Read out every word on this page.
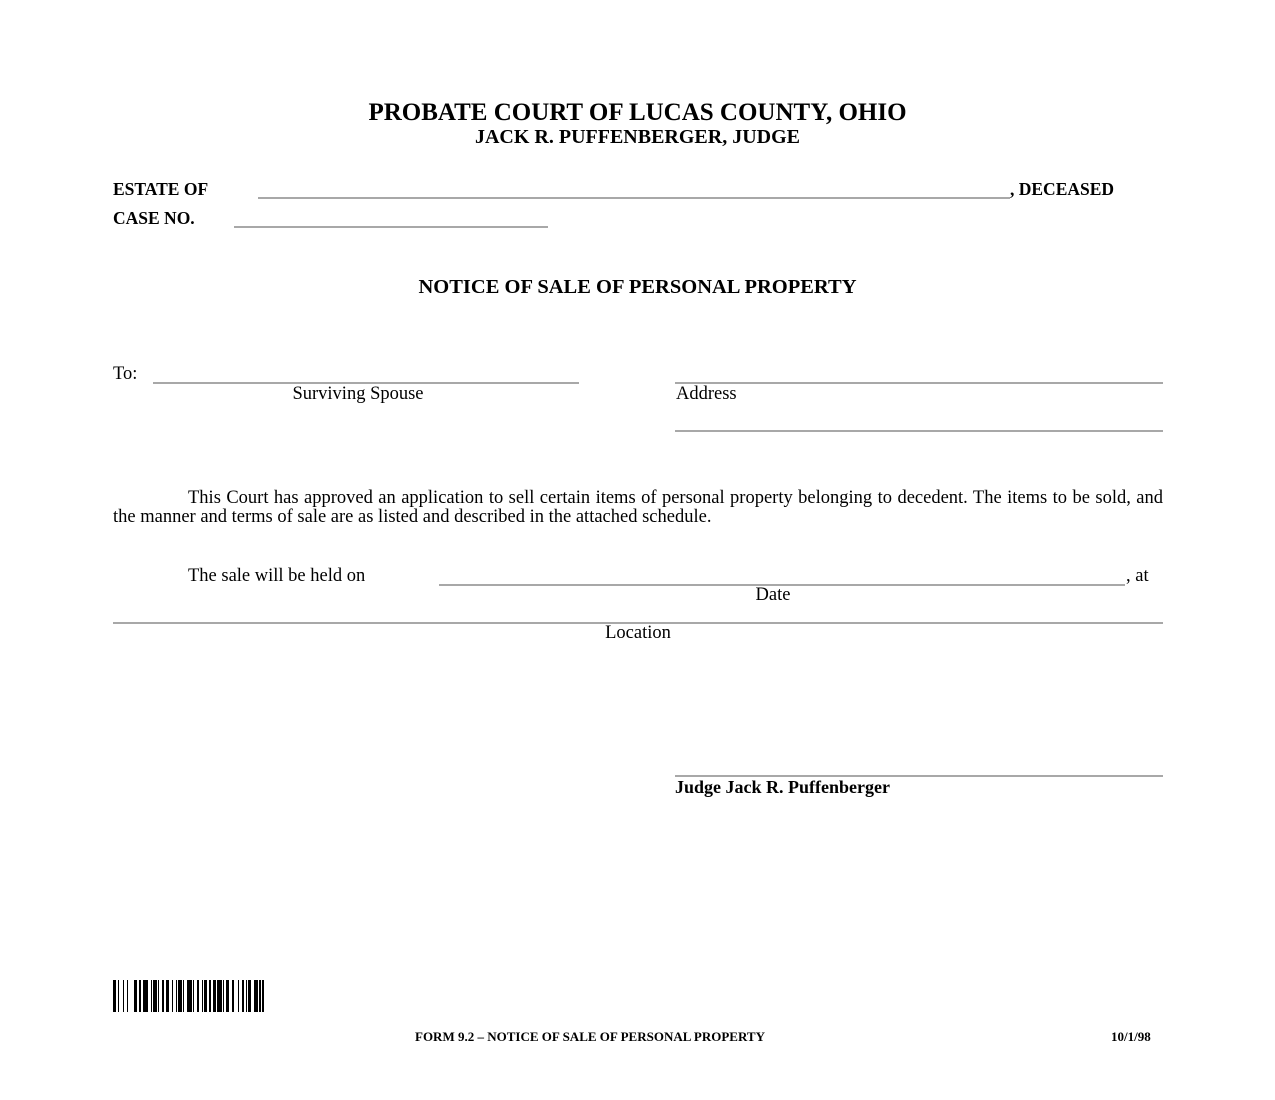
PROBATE COURT OF LUCAS COUNTY, OHIO
JACK R. PUFFENBERGER, JUDGE
ESTATE OF	, DECEASED
CASE NO.
NOTICE OF SALE OF PERSONAL PROPERTY
To:
Surviving Spouse	Address
This Court has approved an application to sell certain items of personal property belonging to decedent. The items to be sold, and the manner and terms of sale are as listed and described in the attached schedule.
The sale will be held on	, at
Date
Location
Judge Jack R. Puffenberger
FORM 9.2 – NOTICE OF SALE OF PERSONAL PROPERTY	10/1/98
